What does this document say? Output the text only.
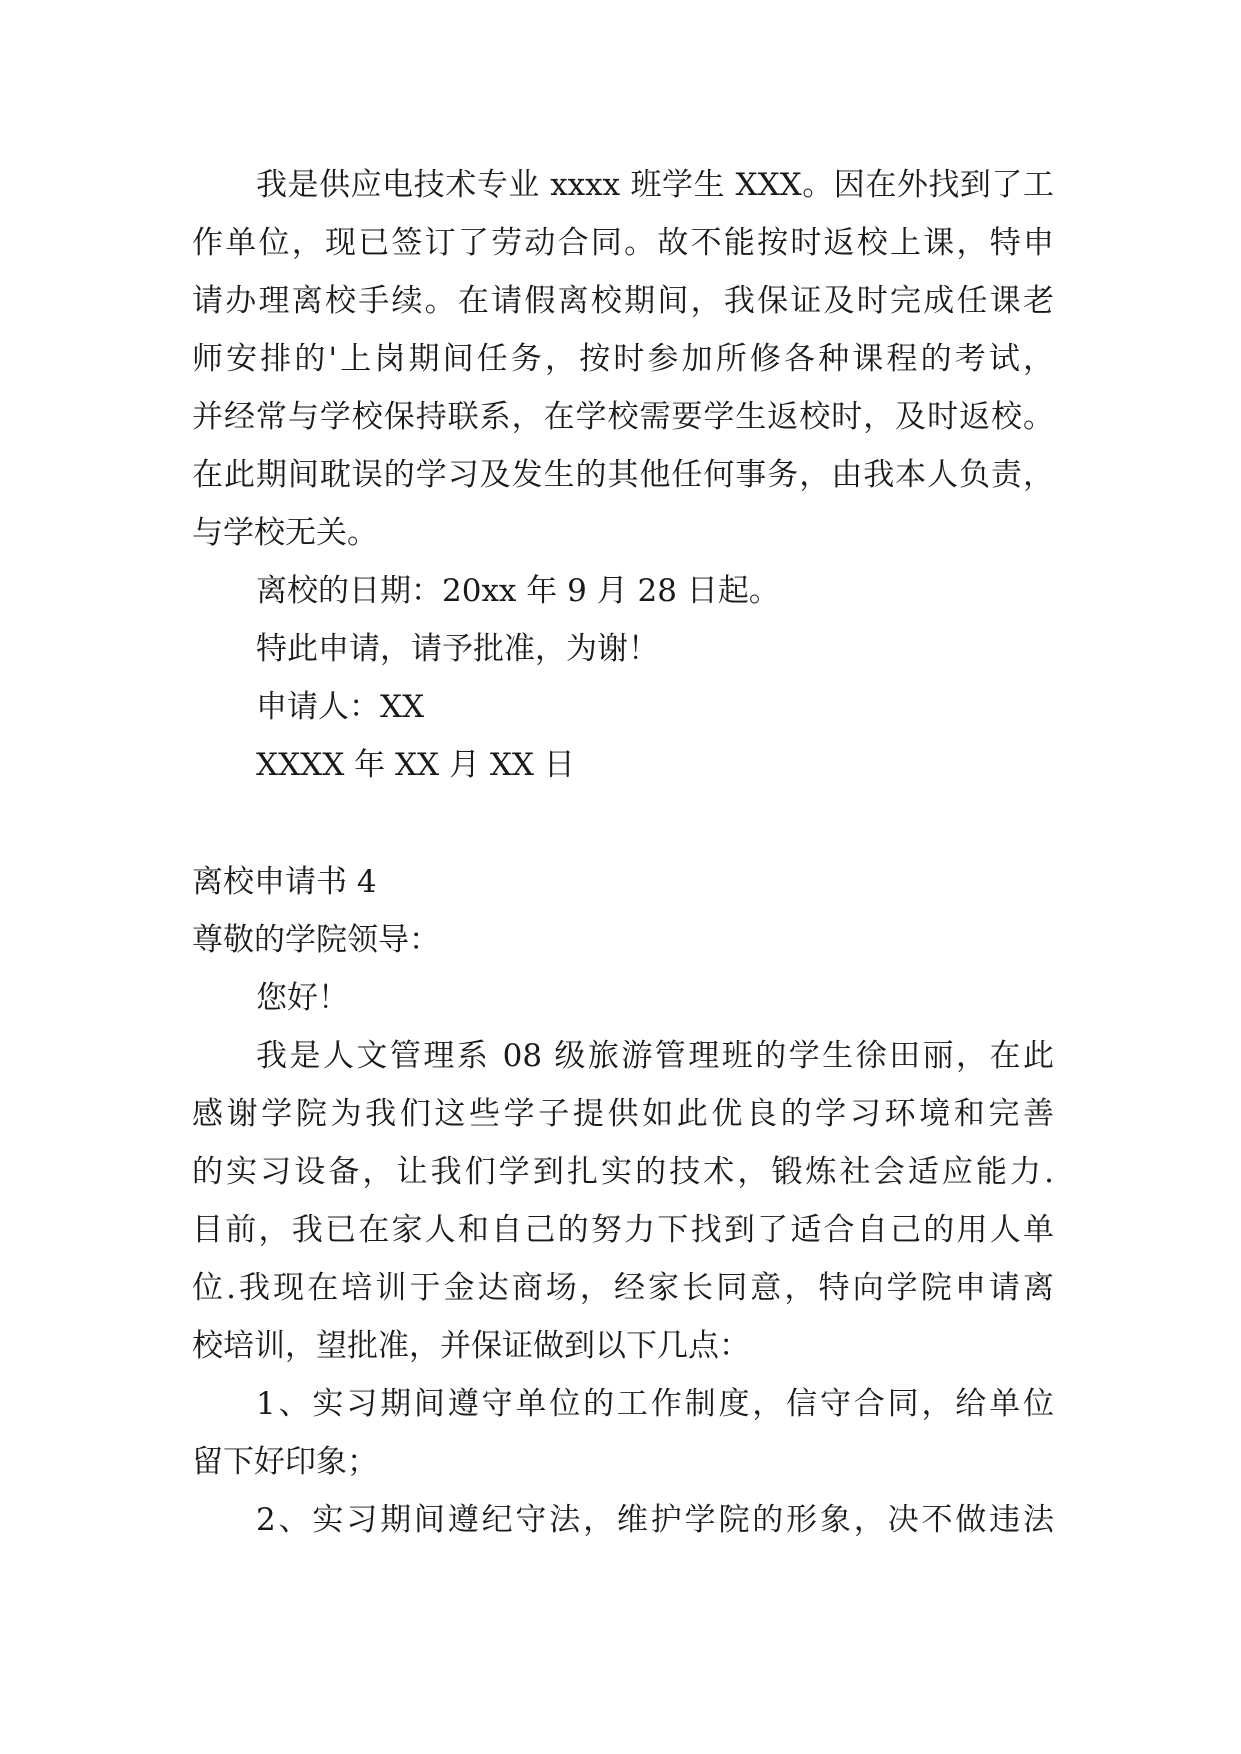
我是供应电技术专业 xxxx 班学生 XXX。因在外找到了工

作单位，现已签订了劳动合同。故不能按时返校上课，特申

请办理离校手续。在请假离校期间，我保证及时完成任课老

师安排的'上岗期间任务，按时参加所修各种课程的考试，

并经常与学校保持联系，在学校需要学生返校时，及时返校。

在此期间耽误的学习及发生的其他任何事务，由我本人负责，

与学校无关。

离校的日期：20xx 年 9 月 28 日起。

特此申请，请予批准，为谢！

申请人：XX

XXXX 年 XX 月 XX 日

离校申请书 4

尊敬的学院领导：

您好！

我是人文管理系 08 级旅游管理班的学生徐田丽，在此

感谢学院为我们这些学子提供如此优良的学习环境和完善

的实习设备，让我们学到扎实的技术，锻炼社会适应能力.

目前，我已在家人和自己的努力下找到了适合自己的用人单

位.我现在培训于金达商场，经家长同意，特向学院申请离

校培训，望批准，并保证做到以下几点：

1、实习期间遵守单位的工作制度，信守合同，给单位

留下好印象；

2、实习期间遵纪守法，维护学院的形象，决不做违法
